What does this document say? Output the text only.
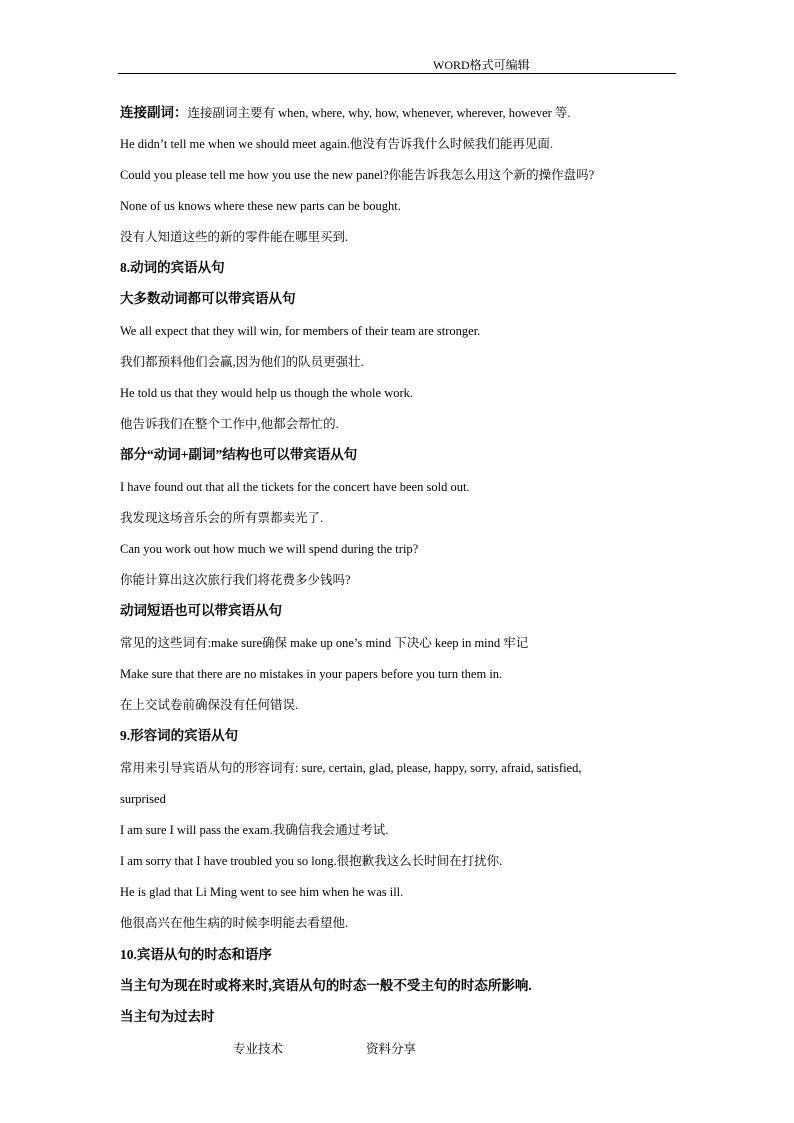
WORD格式可编辑
连接副词：连接副词主要有 when, where, why, how, whenever, wherever, however 等.
He didn’t tell me when we should meet again.他没有告诉我什么时候我们能再见面.
Could you please tell me how you use the new panel?你能告诉我怎么用这个新的操作盘吗?
None of us knows where these new parts can be bought.
没有人知道这些的新的零件能在哪里买到.
8.动词的宾语从句
大多数动词都可以带宾语从句
We all expect that they will win, for members of their team are stronger.
我们都预料他们会赢,因为他们的队员更强壮.
He told us that they would help us though the whole work.
他告诉我们在整个工作中,他都会帮忙的.
部分“动词+副词”结构也可以带宾语从句
I have found out that all the tickets for the concert have been sold out.
我发现这场音乐会的所有票都卖光了.
Can you work out how much we will spend during the trip?
你能计算出这次旅行我们将花费多少钱吗?
动词短语也可以带宾语从句
常见的这些词有:make sure确保 make up one’s mind 下决心 keep in mind 牢记
Make sure that there are no mistakes in your papers before you turn them in.
在上交试卷前确保没有任何错误.
9.形容词的宾语从句
常用来引导宾语从句的形容词有: sure, certain, glad, please, happy, sorry, afraid, satisfied,
surprised
I am sure I will pass the exam.我确信我会通过考试.
I am sorry that I have troubled you so long.很抱歉我这么长时间在打扰你.
He is glad that Li Ming went to see him when he was ill.
他很高兴在他生病的时候李明能去看望他.
10.宾语从句的时态和语序
当主句为现在时或将来时,宾语从句的时态一般不受主句的时态所影响.
当主句为过去时
专业技术	资料分享
